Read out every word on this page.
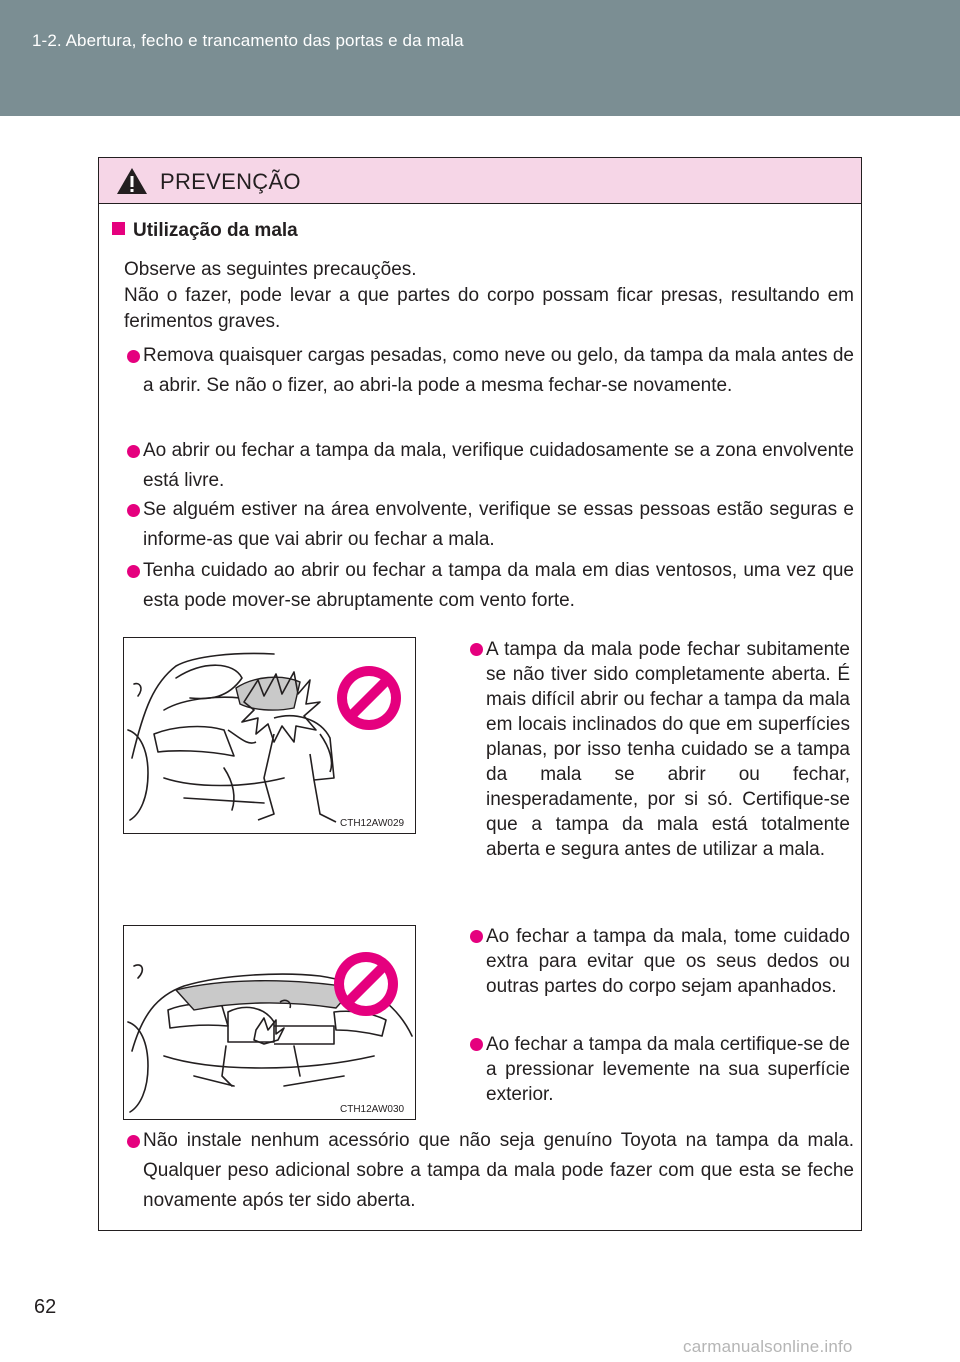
1-2. Abertura, fecho e trancamento das portas e da mala
PREVENÇÃO
Utilização da mala
Observe as seguintes precauções.
Não o fazer, pode levar a que partes do corpo possam ficar presas, resultando em ferimentos graves.
Remova quaisquer cargas pesadas, como neve ou gelo, da tampa da mala antes de a abrir. Se não o fizer, ao abri-la pode a mesma fechar-se novamente.
Ao abrir ou fechar a tampa da mala, verifique cuidadosamente se a zona envolvente está livre.
Se alguém estiver na área envolvente, verifique se essas pessoas estão seguras e informe-as que vai abrir ou fechar a mala.
Tenha cuidado ao abrir ou fechar a tampa da mala em dias ventosos, uma vez que esta pode mover-se abruptamente com vento forte.
CTH12AW029
A tampa da mala pode fechar subitamente se não tiver sido completamente aberta. É mais difícil abrir ou fechar a tampa da mala em locais inclinados do que em superfícies planas, por isso tenha cuidado se a tampa da mala se abrir ou fechar, inesperadamente, por si só. Certifique-se que a tampa da mala está totalmente aberta e segura antes de utilizar a mala.
CTH12AW030
Ao fechar a tampa da mala, tome cuidado extra para evitar que os seus dedos ou outras partes do corpo sejam apanhados.
Ao fechar a tampa da mala certifique-se de a pressionar levemente na sua superfície exterior.
Não instale nenhum acessório que não seja genuíno Toyota na tampa da mala. Qualquer peso adicional sobre a tampa da mala pode fazer com que esta se feche novamente após ter sido aberta.
62
carmanualsonline.info
